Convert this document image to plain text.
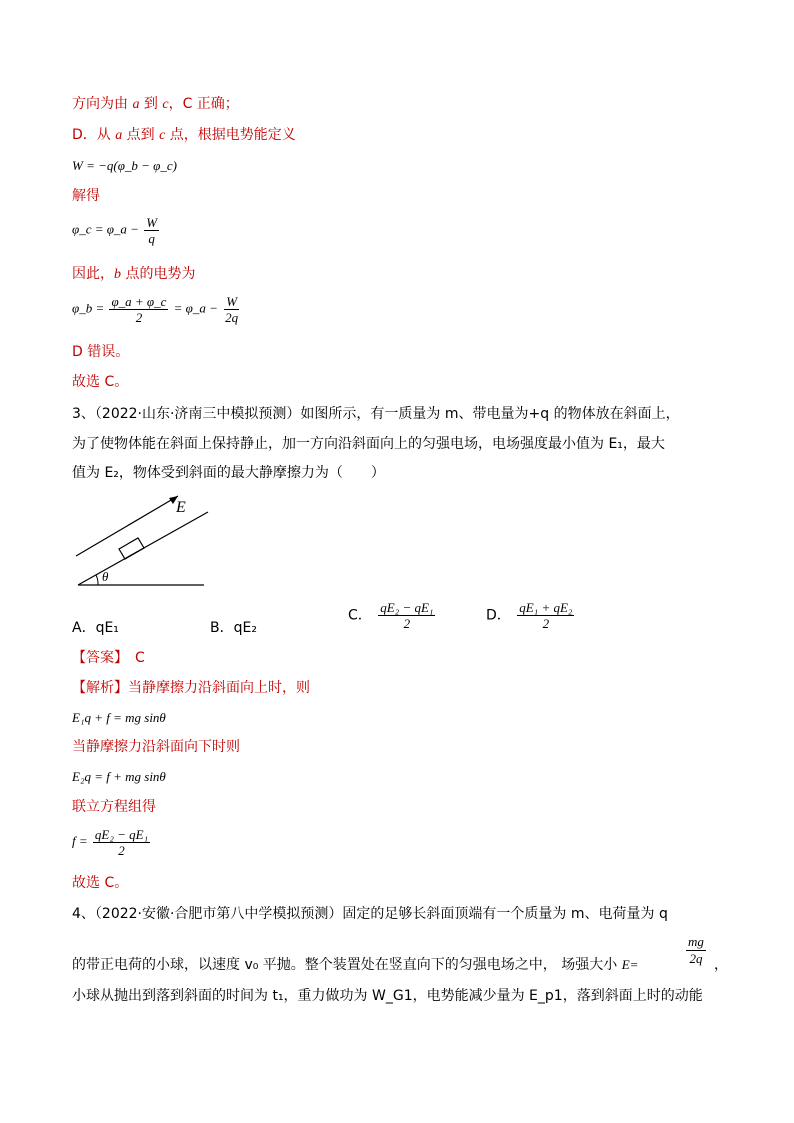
方向为由 a 到 c，C 正确；
D．从 a 点到 c 点，根据电势能定义
W = −q(φ_b − φ_c)
解得
φ_c = φ_a − $\frac{W}{q}$
因此，b 点的电势为
φ_b = $\frac{\varphi\_a + \varphi\_c}{2}$ = φ_a − $\frac{W}{2q}$
D 错误。
故选 C。
3、（2022·山东·济南三中模拟预测）如图所示，有一质量为 m、带电量为+q 的物体放在斜面上，
为了使物体能在斜面上保持静止，加一方向沿斜面向上的匀强电场，电场强度最小值为 E₁，最大
值为 E₂，物体受到斜面的最大静摩擦力为（　　）
E
θ
A．qE₁	B．qE₂
C． $\frac{\text{qE₂ − qE₁}}{2}$	D． $\frac{\text{qE₁ + qE₂}}{2}$
【答案】　 C
【解析】当静摩擦力沿斜面向上时，则
E₁q + f = mg sinθ
当静摩擦力沿斜面向下时则
E₂q = f + mg sinθ
联立方程组得
$f = \frac{\text{qE₂ − qE₁}}{2}$
故选 C。
4、（2022·安徽·合肥市第八中学模拟预测）固定的足够长斜面顶端有一个质量为 m、电荷量为 q
的带正电荷的小球，以速度 v₀ 平抛。整个装置处在竖直向下的匀强电场之中， 场强大小 E=	$\frac{mg}{2q}$ ，
小球从抛出到落到斜面的时间为 t₁，重力做功为 W_G1，电势能减少量为 E_p1，落到斜面上时的动能
